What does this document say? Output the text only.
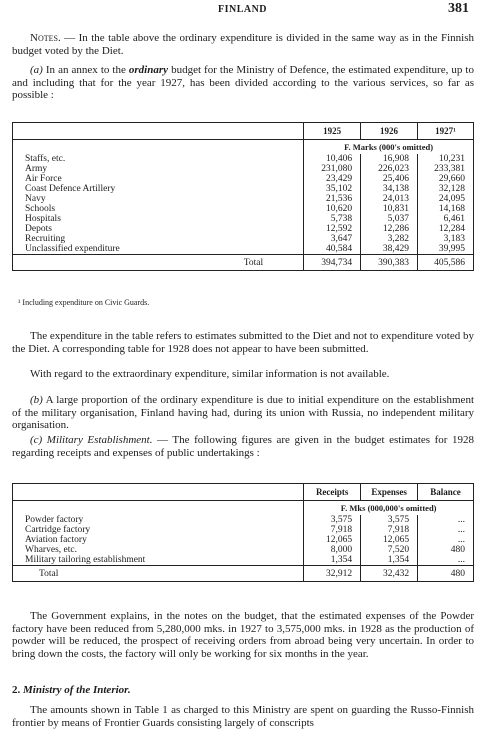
FINLAND	381
Notes. — In the table above the ordinary expenditure is divided in the same way as in the Finnish budget voted by the Diet.
(a) In an annex to the ordinary budget for the Ministry of Defence, the estimated expenditure, up to and including that for the year 1927, has been divided according to the various services, so far as possible :
	1925	1926	1927¹
	F. Marks (000's omitted)		
Staffs, etc.	10,406	16,908	10,231
Army	231,080	226,023	233,381
Air Force	23,429	25,406	29,660
Coast Defence Artillery	35,102	34,138	32,128
Navy	21,536	24,013	24,095
Schools	10,620	10,831	14,168
Hospitals	5,738	5,037	6,461
Depots	12,592	12,286	12,284
Recruiting	3,647	3,282	3,183
Unclassified expenditure	40,584	38,429	39,995
Total	394,734	390,383	405,586
¹ Including expenditure on Civic Guards.
The expenditure in the table refers to estimates submitted to the Diet and not to expenditure voted by the Diet. A corresponding table for 1928 does not appear to have been submitted.
With regard to the extraordinary expenditure, similar information is not available.
(b) A large proportion of the ordinary expenditure is due to initial expenditure on the establishment of the military organisation, Finland having had, during its union with Russia, no independent military organisation.
(c) Military Establishment. — The following figures are given in the budget estimates for 1928 regarding receipts and expenses of public undertakings :
	Receipts	Expenses	Balance
	F. Mks (000,000's omitted)		
Powder factory	3,575	3,575	...
Cartridge factory	7,918	7,918	...
Aviation factory	12,065	12,065	...
Wharves, etc.	8,000	7,520	480
Military tailoring establishment	1,354	1,354	...
Total	32,912	32,432	480
The Government explains, in the notes on the budget, that the estimated expenses of the Powder factory have been reduced from 5,280,000 mks. in 1927 to 3,575,000 mks. in 1928 as the production of powder will be reduced, the prospect of receiving orders from abroad being very uncertain. In order to bring down the costs, the factory will only be working for six months in the year.
2. Ministry of the Interior.
The amounts shown in Table 1 as charged to this Ministry are spent on guarding the Russo-Finnish frontier by means of Frontier Guards consisting largely of conscripts
